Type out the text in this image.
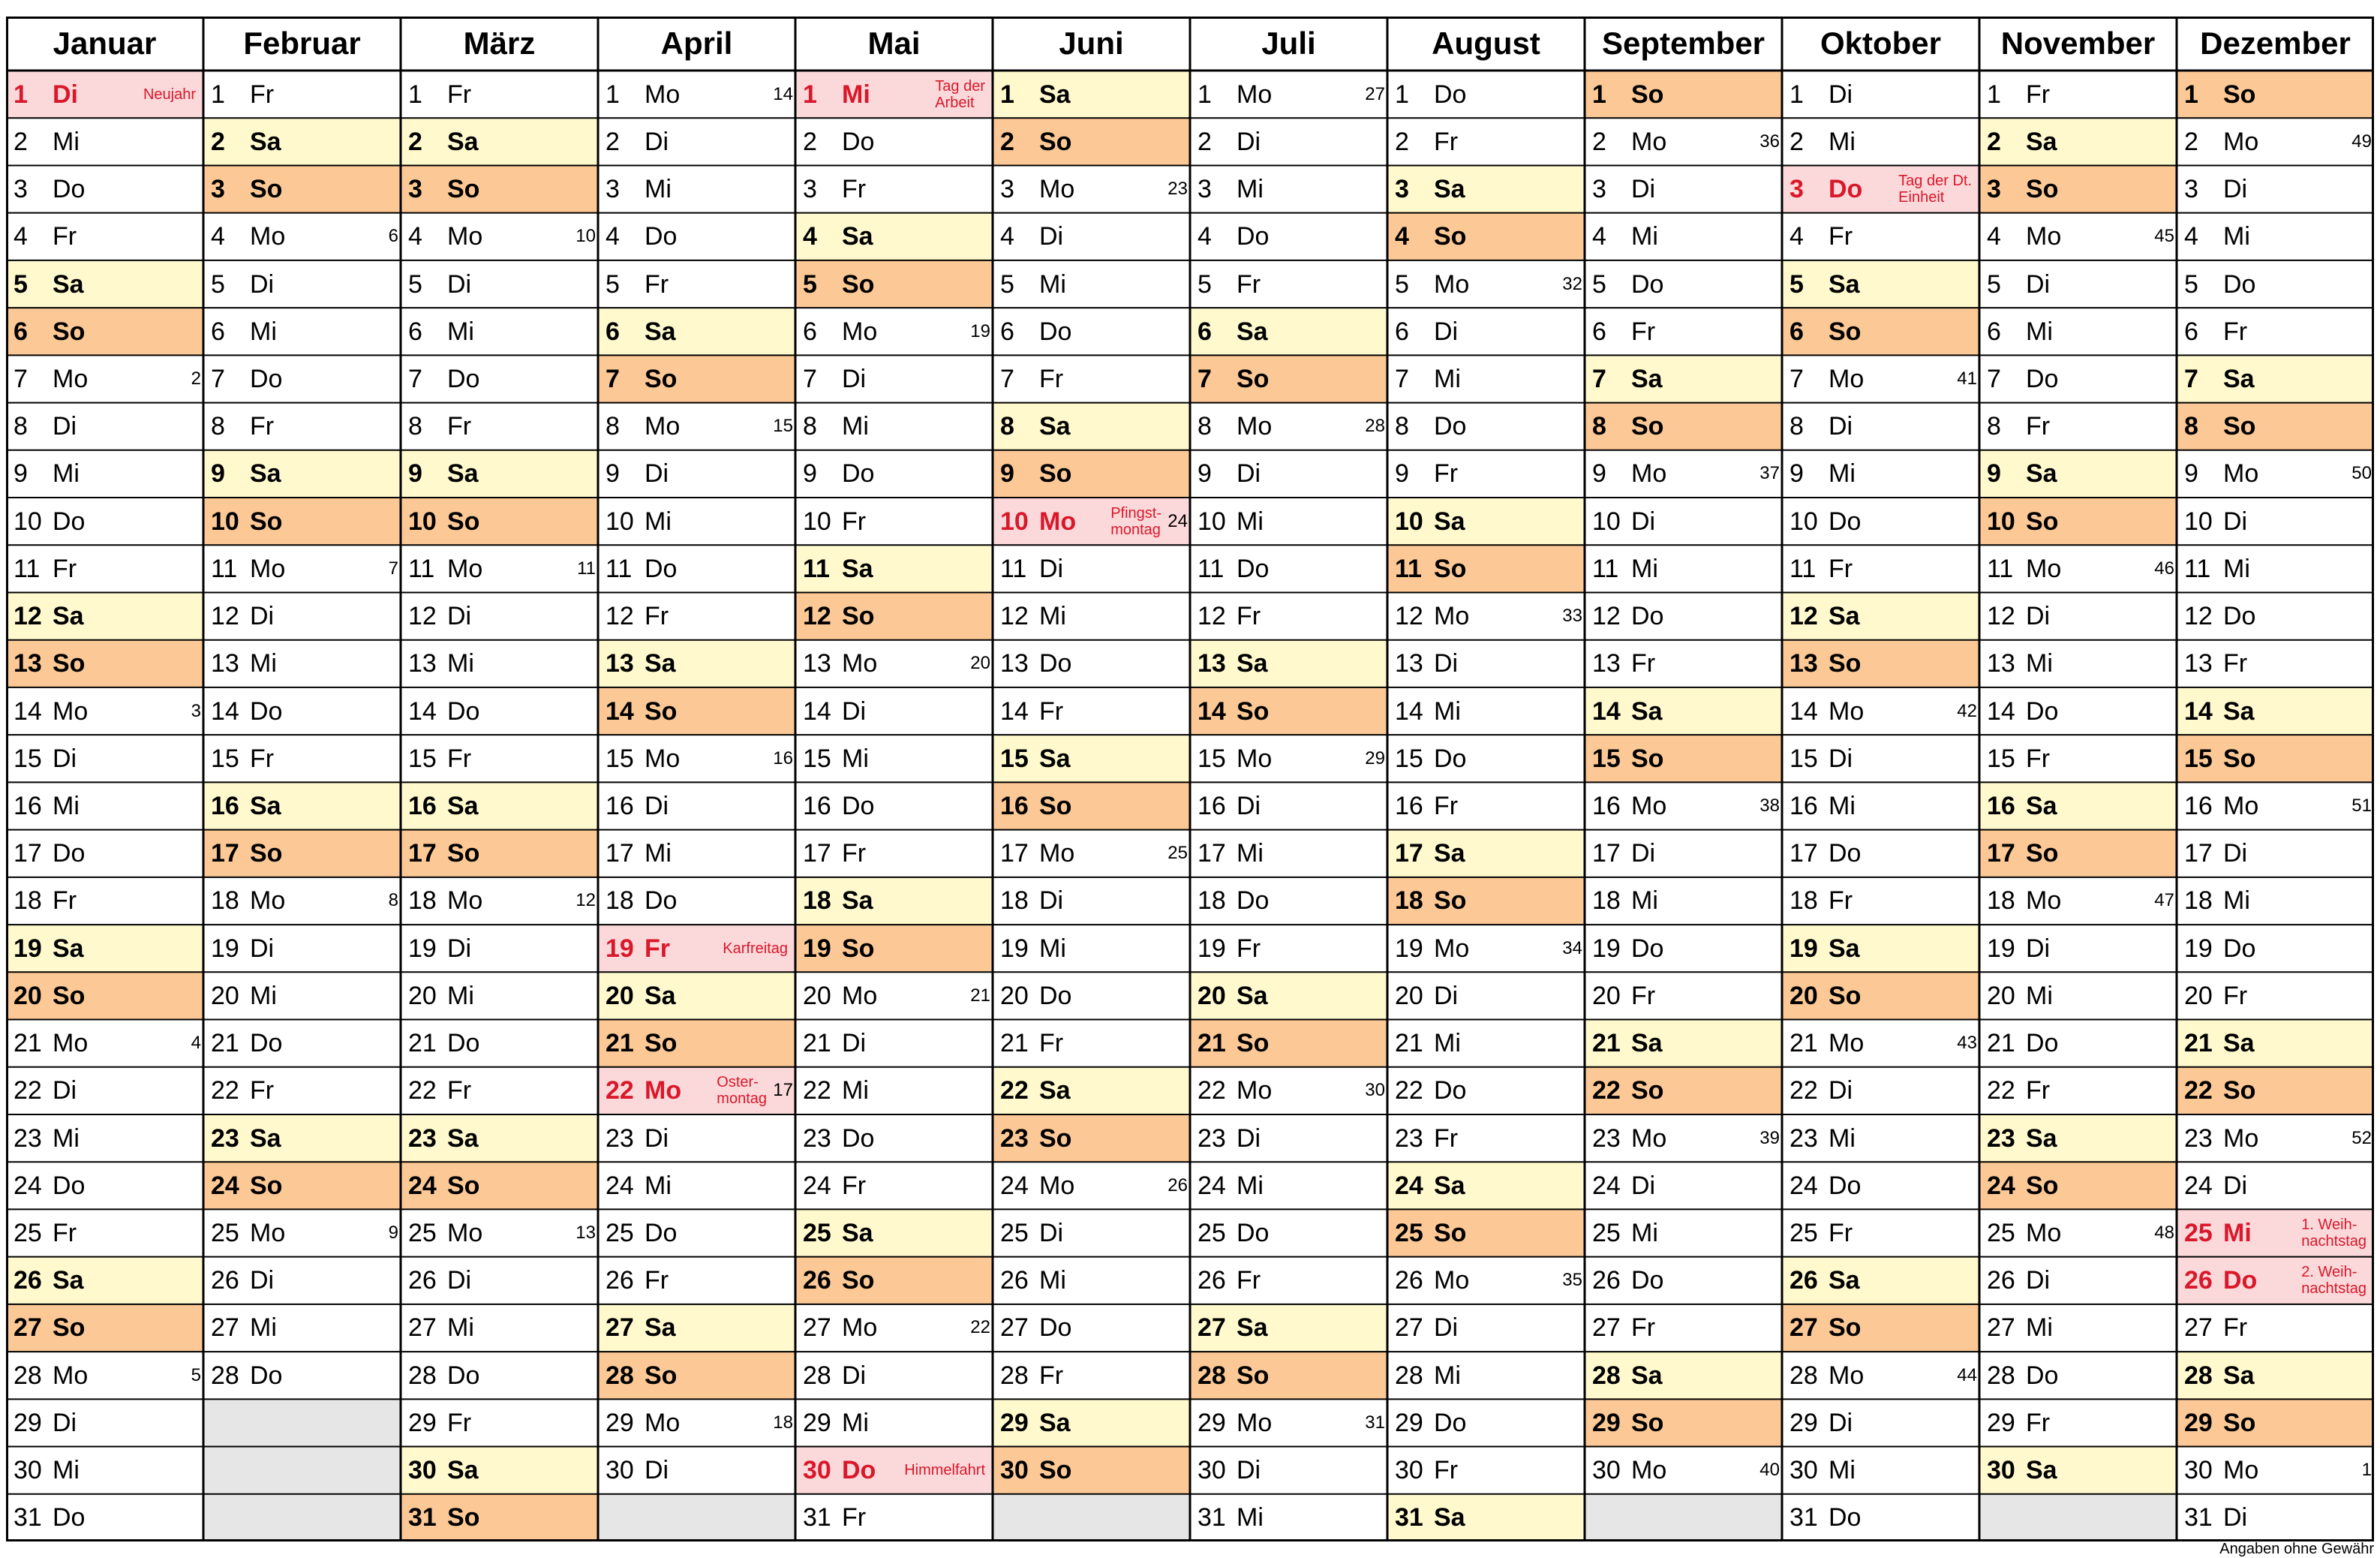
Januar
1 Di	Neujahr
2 Mi
3 Do
4 Fr
5 Sa
6 So
7 Mo	2
8 Di
9 Mi
10 Do
11 Fr
12 Sa
13 So
14 Mo	3
15 Di
16 Mi
17 Do
18 Fr
19 Sa
20 So
21 Mo	4
22 Di
23 Mi
24 Do
25 Fr
26 Sa
27 So
28 Mo	5
29 Di
30 Mi
31 Do
Februar
1 Fr
2 Sa
3 So
4 Mo	6
5 Di
6 Mi
7 Do
8 Fr
9 Sa
10 So
11 Mo	7
12 Di
13 Mi
14 Do
15 Fr
16 Sa
17 So
18 Mo	8
19 Di
20 Mi
21 Do
22 Fr
23 Sa
24 So
25 Mo	9
26 Di
27 Mi
28 Do
März
1 Fr
2 Sa
3 So
4 Mo	10
5 Di
6 Mi
7 Do
8 Fr
9 Sa
10 So
11 Mo	11
12 Di
13 Mi
14 Do
15 Fr
16 Sa
17 So
18 Mo	12
19 Di
20 Mi
21 Do
22 Fr
23 Sa
24 So
25 Mo	13
26 Di
27 Mi
28 Do
29 Fr
30 Sa
31 So
April
1 Mo	14
2 Di
3 Mi
4 Do
5 Fr
6 Sa
7 So
8 Mo	15
9 Di
10 Mi
11 Do
12 Fr
13 Sa
14 So
15 Mo	16
16 Di
17 Mi
18 Do
19 Fr	Karfreitag
20 Sa
21 So
22 Mo Oster-
montag 17
23 Di
24 Mi
25 Do
26 Fr
27 Sa
28 So
29 Mo	18
30 Di
Mai
1 Mi	Tag der
Arbeit
2 Do
3 Fr
4 Sa
5 So
6 Mo	19
7 Di
8 Mi
9 Do
10 Fr
11 Sa
12 So
13 Mo	20
14 Di
15 Mi
16 Do
17 Fr
18 Sa
19 So
20 Mo	21
21 Di
22 Mi
23 Do
24 Fr
25 Sa
26 So
27 Mo	22
28 Di
29 Mi
30 Do Himmelfahrt
31 Fr
Juni
1 Sa
2 So
3 Mo	23
4 Di
5 Mi
6 Do
7 Fr
8 Sa
9 So
10 Mo Pfingst-
montag 24
11 Di
12 Mi
13 Do
14 Fr
15 Sa
16 So
17 Mo	25
18 Di
19 Mi
20 Do
21 Fr
22 Sa
23 So
24 Mo	26
25 Di
26 Mi
27 Do
28 Fr
29 Sa
30 So
Juli
1 Mo	27
2 Di
3 Mi
4 Do
5 Fr
6 Sa
7 So
8 Mo	28
9 Di
10 Mi
11 Do
12 Fr
13 Sa
14 So
15 Mo	29
16 Di
17 Mi
18 Do
19 Fr
20 Sa
21 So
22 Mo	30
23 Di
24 Mi
25 Do
26 Fr
27 Sa
28 So
29 Mo	31
30 Di
31 Mi
August
1 Do
2 Fr
3 Sa
4 So
5 Mo	32
6 Di
7 Mi
8 Do
9 Fr
10 Sa
11 So
12 Mo	33
13 Di
14 Mi
15 Do
16 Fr
17 Sa
18 So
19 Mo	34
20 Di
21 Mi
22 Do
23 Fr
24 Sa
25 So
26 Mo	35
27 Di
28 Mi
29 Do
30 Fr
31 Sa
September
1 So
2 Mo	36
3 Di
4 Mi
5 Do
6 Fr
7 Sa
8 So
9 Mo	37
10 Di
11 Mi
12 Do
13 Fr
14 Sa
15 So
16 Mo	38
17 Di
18 Mi
19 Do
20 Fr
21 Sa
22 So
23 Mo	39
24 Di
25 Mi
26 Do
27 Fr
28 Sa
29 So
30 Mo	40
Oktober
1 Di
2 Mi
3 Do Tag der Dt.
Einheit
4 Fr
5 Sa
6 So
7 Mo	41
8 Di
9 Mi
10 Do
11 Fr
12 Sa
13 So
14 Mo	42
15 Di
16 Mi
17 Do
18 Fr
19 Sa
20 So
21 Mo	43
22 Di
23 Mi
24 Do
25 Fr
26 Sa
27 So
28 Mo	44
29 Di
30 Mi
31 Do
November
1 Fr
2 Sa
3 So
4 Mo	45
5 Di
6 Mi
7 Do
8 Fr
9 Sa
10 So
11 Mo	46
12 Di
13 Mi
14 Do
15 Fr
16 Sa
17 So
18 Mo	47
19 Di
20 Mi
21 Do
22 Fr
23 Sa
24 So
25 Mo	48
26 Di
27 Mi
28 Do
29 Fr
30 Sa
Dezember
1 So
2 Mo	49
3 Di
4 Mi
5 Do
6 Fr
7 Sa
8 So
9 Mo	50
10 Di
11 Mi
12 Do
13 Fr
14 Sa
15 So
16 Mo	51
17 Di
18 Mi
19 Do
20 Fr
21 Sa
22 So
23 Mo	52
24 Di
25 Mi	1. Weih-
nachtstag
26 Do	2. Weih-
nachtstag
27 Fr
28 Sa
29 So
30 Mo	1
31 Di
Angaben ohne Gewähr
